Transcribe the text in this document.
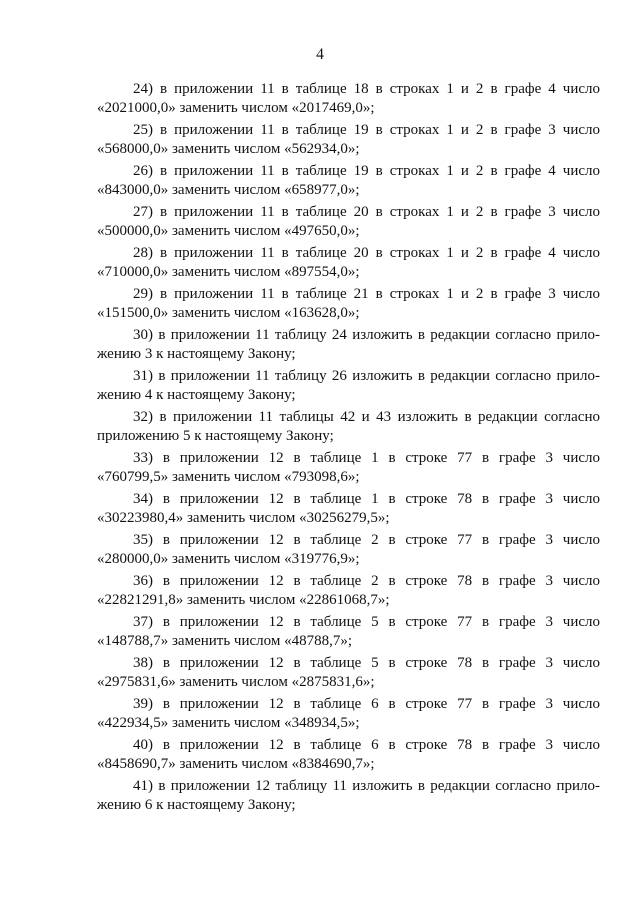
4
24) в приложении 11 в таблице 18 в строках 1 и 2 в графе 4 число
«2021000,0» заменить числом «2017469,0»;
25) в приложении 11 в таблице 19 в строках 1 и 2 в графе 3 число
«568000,0» заменить числом «562934,0»;
26) в приложении 11 в таблице 19 в строках 1 и 2 в графе 4 число
«843000,0» заменить числом «658977,0»;
27) в приложении 11 в таблице 20 в строках 1 и 2 в графе 3 число
«500000,0» заменить числом «497650,0»;
28) в приложении 11 в таблице 20 в строках 1 и 2 в графе 4 число
«710000,0» заменить числом «897554,0»;
29) в приложении 11 в таблице 21 в строках 1 и 2 в графе 3 число
«151500,0» заменить числом «163628,0»;
30) в приложении 11 таблицу 24 изложить в редакции согласно прило-
жению 3 к настоящему Закону;
31) в приложении 11 таблицу 26 изложить в редакции согласно прило-
жению 4 к настоящему Закону;
32) в приложении 11 таблицы 42 и 43 изложить в редакции согласно
приложению 5 к настоящему Закону;
33) в приложении 12 в таблице 1 в строке 77 в графе 3 число
«760799,5» заменить числом «793098,6»;
34) в приложении 12 в таблице 1 в строке 78 в графе 3 число
«30223980,4» заменить числом «30256279,5»;
35) в приложении 12 в таблице 2 в строке 77 в графе 3 число
«280000,0» заменить числом «319776,9»;
36) в приложении 12 в таблице 2 в строке 78 в графе 3 число
«22821291,8» заменить числом «22861068,7»;
37) в приложении 12 в таблице 5 в строке 77 в графе 3 число
«148788,7» заменить числом «48788,7»;
38) в приложении 12 в таблице 5 в строке 78 в графе 3 число
«2975831,6» заменить числом «2875831,6»;
39) в приложении 12 в таблице 6 в строке 77 в графе 3 число
«422934,5» заменить числом «348934,5»;
40) в приложении 12 в таблице 6 в строке 78 в графе 3 число
«8458690,7» заменить числом «8384690,7»;
41) в приложении 12 таблицу 11 изложить в редакции согласно прило-
жению 6 к настоящему Закону;
